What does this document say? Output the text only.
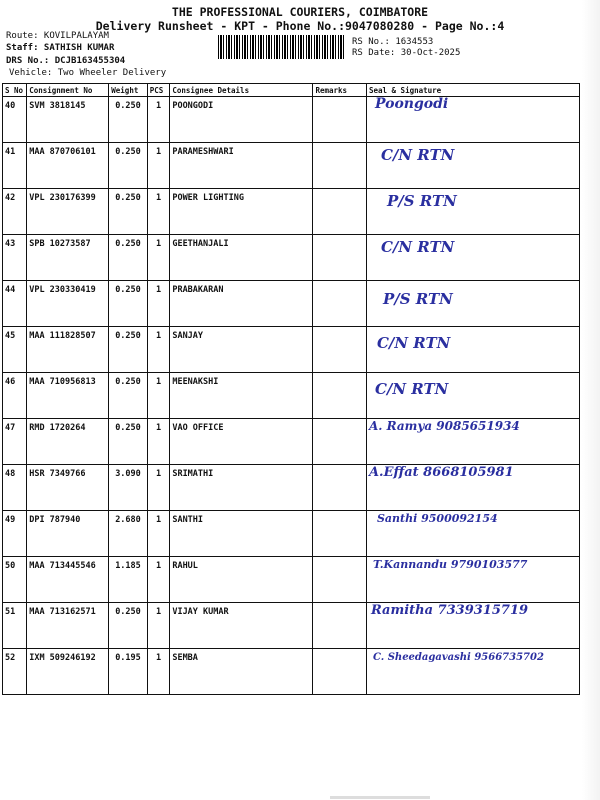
THE PROFESSIONAL COURIERS, COIMBATORE
Delivery Runsheet - KPT - Phone No.:9047080280 - Page No.:4
Route: KOVILPALAYAM
Staff: SATHISH KUMAR
DRS No.: DCJB163455304
Vehicle: Two Wheeler Delivery
RS No.: 1634553
RS Date: 30-Oct-2025
S No	Consignment No	Weight	PCS	Consignee Details	Remarks	Seal & Signature
40	SVM 3818145	0.250	1	POONGODI		Poongodi
41	MAA 870706101	0.250	1	PARAMESHWARI		C/N RTN
42	VPL 230176399	0.250	1	POWER LIGHTING		P/S RTN
43	SPB 10273587	0.250	1	GEETHANJALI		C/N RTN
44	VPL 230330419	0.250	1	PRABAKARAN		P/S RTN
45	MAA 111828507	0.250	1	SANJAY		C/N RTN
46	MAA 710956813	0.250	1	MEENAKSHI		C/N RTN
47	RMD 1720264	0.250	1	VAO OFFICE		A. Ramya 9085651934
48	HSR 7349766	3.090	1	SRIMATHI		A.Effat 8668105981
49	DPI 787940	2.680	1	SANTHI		Santhi 9500092154
50	MAA 713445546	1.185	1	RAHUL		T.Kannandu 9790103577
51	MAA 713162571	0.250	1	VIJAY KUMAR		Ramitha 7339315719
52	IXM 509246192	0.195	1	SEMBA		C. Sheedagavashi 9566735702
